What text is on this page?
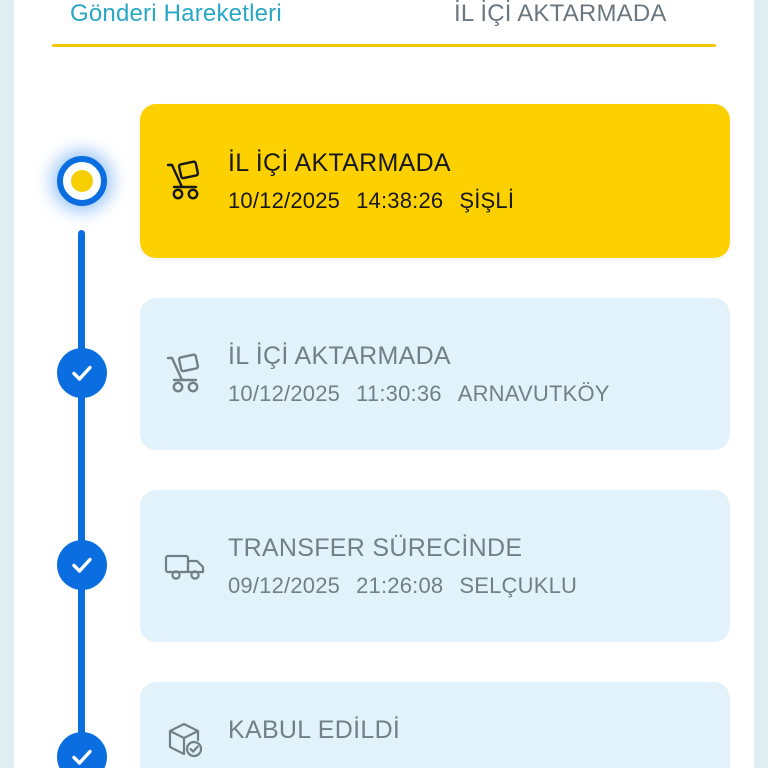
Gönderi Hareketleri	İL İÇİ AKTARMADA
İL İÇİ AKTARMADA
10/12/2025 14:38:26 ŞİŞLİ
İL İÇİ AKTARMADA
10/12/2025 11:30:36 ARNAVUTKÖY
TRANSFER SÜRECİNDE
09/12/2025 21:26:08 SELÇUKLU
KABUL EDİLDİ
